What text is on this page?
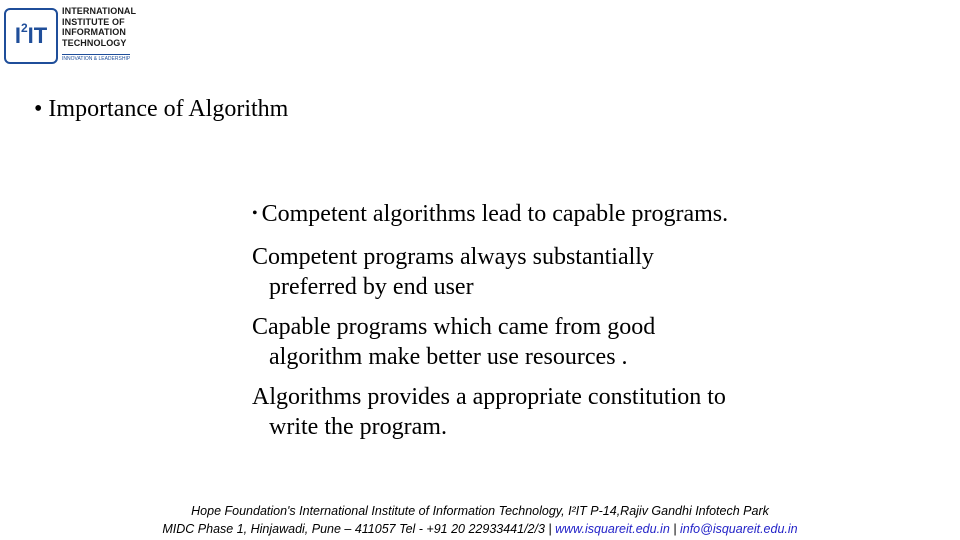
I 2 IT
INTERNATIONAL
INSTITUTE OF
INFORMATION
TECHNOLOGY
INNOVATION & LEADERSHIP
• Importance of Algorithm
• Competent algorithms lead to capable programs.
Competent programs always substantially
preferred by end user
Capable programs which came from good
algorithm make better use resources .
Algorithms provides a appropriate constitution to
write the program.
Hope Foundation's International Institute of Information Technology, I²IT P-14,Rajiv Gandhi Infotech Park
MIDC Phase 1, Hinjawadi, Pune – 411057 Tel - +91 20 22933441/2/3 | www.isquareit.edu.in | info@isquareit.edu.in
